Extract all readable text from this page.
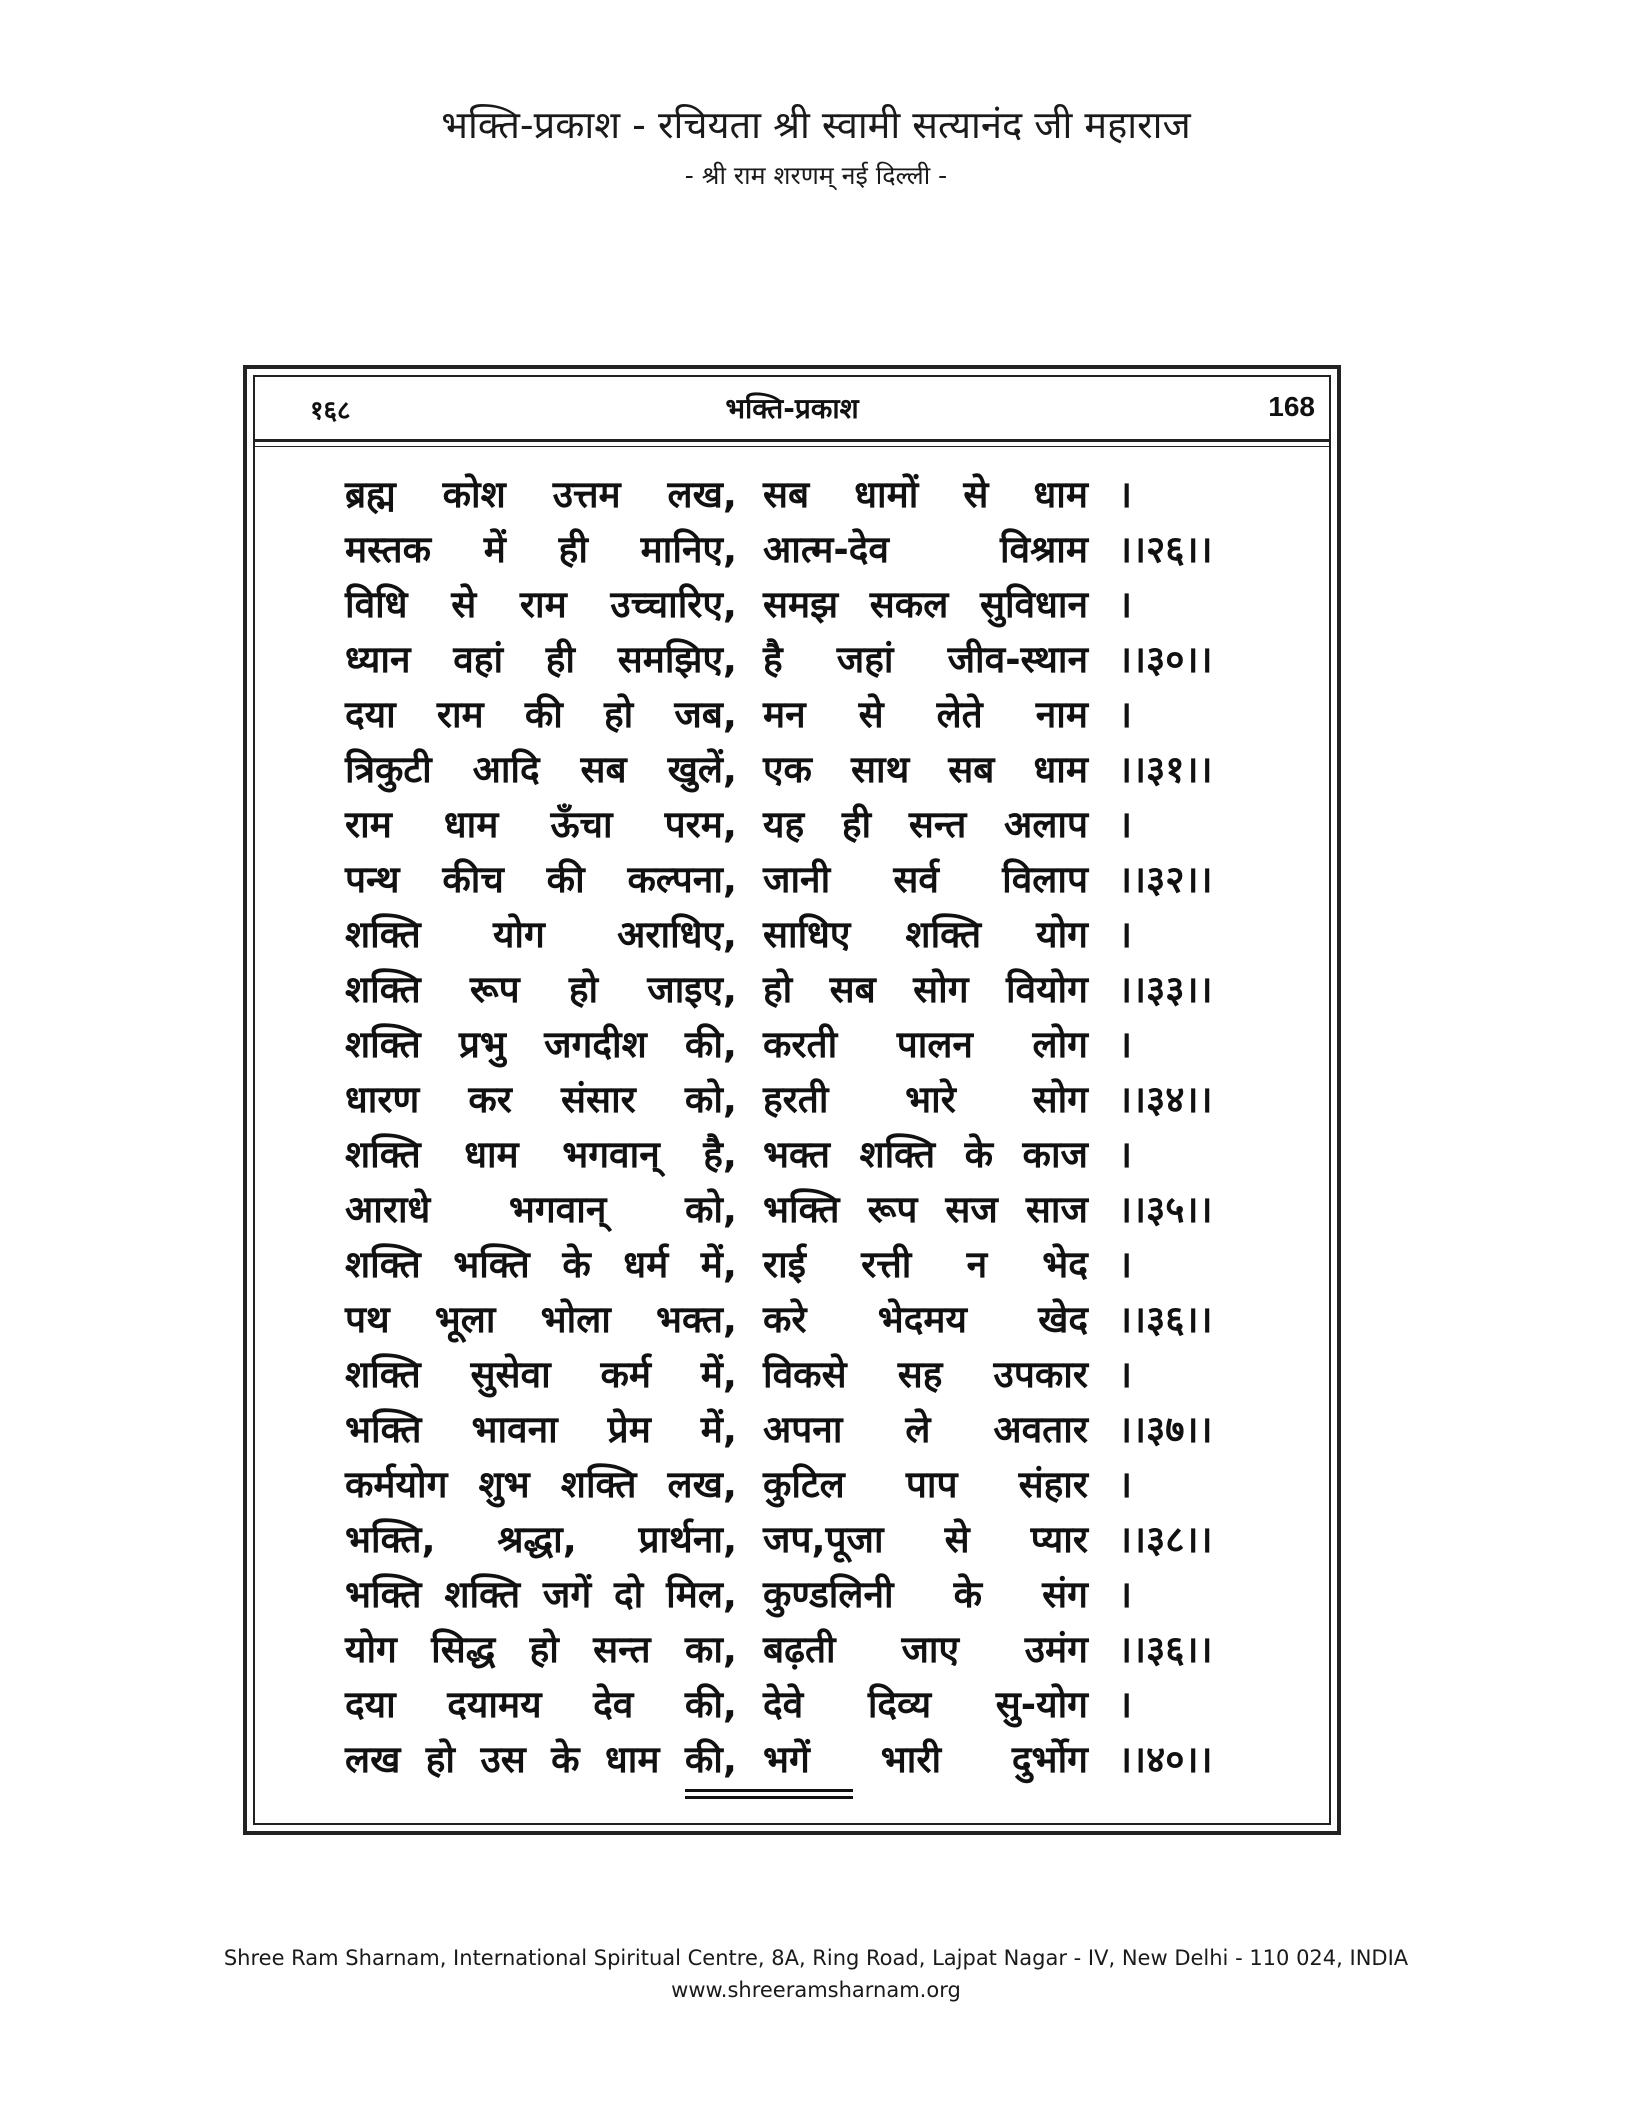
भक्ति-प्रकाश - रचियता श्री स्वामी सत्यानंद जी महाराज
- श्री राम शरणम् नई दिल्ली -
१६८	भक्ति-प्रकाश	168
ब्रह्म कोश उत्तम लख, सब धामों से धाम ।
मस्तक में ही मानिए, आत्म-देव	विश्राम ।।२६।।
विधि से राम उच्चारिए, समझ सकल सुविधान ।
ध्यान वहां ही समझिए, है जहां जीव-स्थान ।।३०।।
दया राम की हो जब, मन से लेते नाम ।
त्रिकुटी आदि सब खुलें, एक साथ सब धाम ।।३१।।
राम धाम ऊँचा परम, यह ही सन्त अलाप ।
पन्थ कीच की कल्पना, जानी सर्व विलाप ।।३२।।
शक्ति योग अराधिए, साधिए शक्ति योग ।
शक्ति रूप हो जाइए, हो सब सोग वियोग ।।३३।।
शक्ति प्रभु जगदीश की, करती पालन लोग ।
धारण कर संसार को, हरती भारे सोग ।।३४।।
शक्ति धाम भगवान् है, भक्त शक्ति के काज ।
आराधे भगवान् को, भक्ति रूप सज साज ।।३५।।
शक्ति भक्ति के धर्म में, राई रत्ती न भेद ।
पथ भूला भोला भक्त, करे भेदमय खेद ।।३६।।
शक्ति सुसेवा कर्म में, विकसे सह उपकार ।
भक्ति भावना प्रेम में, अपना ले अवतार ।।३७।।
कर्मयोग शुभ शक्ति लख, कुटिल पाप संहार ।
भक्ति, श्रद्धा, प्रार्थना, जप,पूजा से प्यार ।।३८।।
भक्ति शक्ति जगें दो मिल, कुण्डलिनी के संग ।
योग सिद्ध हो सन्त का, बढ़ती जाए उमंग ।।३६।।
दया दयामय देव की, देवे दिव्य सु-योग ।
लख हो उस के धाम की, भगें भारी दुर्भोग ।।४०।।
Shree Ram Sharnam, International Spiritual Centre, 8A, Ring Road, Lajpat Nagar - IV, New Delhi - 110 024, INDIA
www.shreeramsharnam.org
